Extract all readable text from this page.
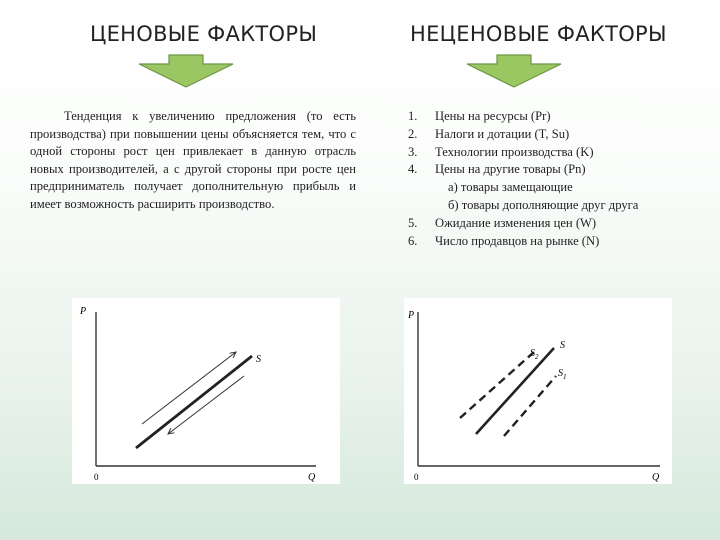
ЦЕНОВЫЕ ФАКТОРЫ	НЕЦЕНОВЫЕ ФАКТОРЫ
Тенденция к увеличению предложения (то есть производства) при повышении цены объясняется тем, что с одной стороны рост цен привлекает в данную отрасль новых производителей, а с другой стороны при росте цен предприниматель получает дополнительную прибыль и имеет возможность расширить производство.
1.	Цены на ресурсы (Pr)
2.	Налоги и дотации (T, Su)
3.	Технологии производства (K)
4.	Цены на другие товары (Pn)
а) товары замещающие
б) товары дополняющие друг друга
5.	Ожидание изменения цен (W)
6.	Число продавцов на рынке (N)
P
Q
0
S
P
Q
0
$S_2$
S
$S_1$
